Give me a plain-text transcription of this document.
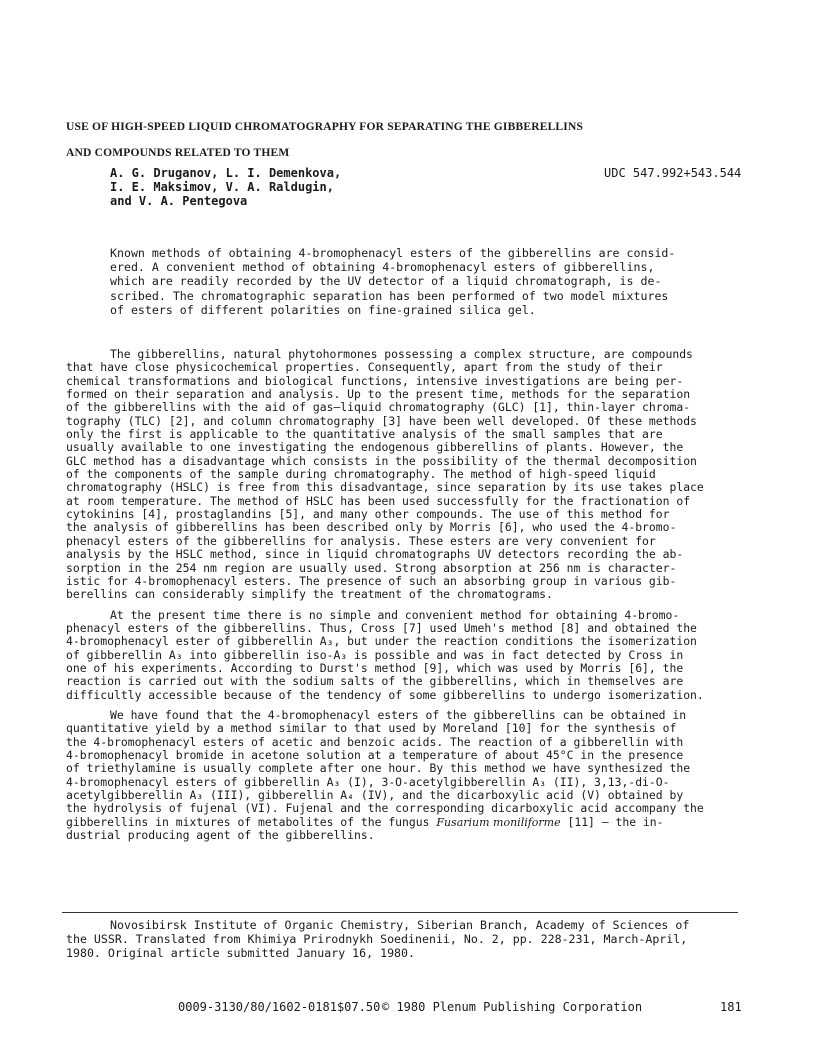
USE OF HIGH-SPEED LIQUID CHROMATOGRAPHY FOR SEPARATING THE GIBBERELLINS
AND COMPOUNDS RELATED TO THEM
A. G. Druganov, L. I. Demenkova,
I. E. Maksimov, V. A. Raldugin,
and V. A. Pentegova
UDC 547.992+543.544
Known methods of obtaining 4-bromophenacyl esters of the gibberellins are consid-
ered. A convenient method of obtaining 4-bromophenacyl esters of gibberellins,
which are readily recorded by the UV detector of a liquid chromatograph, is de-
scribed. The chromatographic separation has been performed of two model mixtures
of esters of different polarities on fine-grained silica gel.
The gibberellins, natural phytohormones possessing a complex structure, are compounds
that have close physicochemical properties. Consequently, apart from the study of their
chemical transformations and biological functions, intensive investigations are being per-
formed on their separation and analysis. Up to the present time, methods for the separation
of the gibberellins with the aid of gas—liquid chromatography (GLC) [1], thin-layer chroma-
tography (TLC) [2], and column chromatography [3] have been well developed. Of these methods
only the first is applicable to the quantitative analysis of the small samples that are
usually available to one investigating the endogenous gibberellins of plants. However, the
GLC method has a disadvantage which consists in the possibility of the thermal decomposition
of the components of the sample during chromatography. The method of high-speed liquid
chromatography (HSLC) is free from this disadvantage, since separation by its use takes place
at room temperature. The method of HSLC has been used successfully for the fractionation of
cytokinins [4], prostaglandins [5], and many other compounds. The use of this method for
the analysis of gibberellins has been described only by Morris [6], who used the 4-bromo-
phenacyl esters of the gibberellins for analysis. These esters are very convenient for
analysis by the HSLC method, since in liquid chromatographs UV detectors recording the ab-
sorption in the 254 nm region are usually used. Strong absorption at 256 nm is character-
istic for 4-bromophenacyl esters. The presence of such an absorbing group in various gib-
berellins can considerably simplify the treatment of the chromatograms.
At the present time there is no simple and convenient method for obtaining 4-bromo-
phenacyl esters of the gibberellins. Thus, Cross [7] used Umeh's method [8] and obtained the
4-bromophenacyl ester of gibberellin A₃, but under the reaction conditions the isomerization
of gibberellin A₃ into gibberellin iso-A₃ is possible and was in fact detected by Cross in
one of his experiments. According to Durst's method [9], which was used by Morris [6], the
reaction is carried out with the sodium salts of the gibberellins, which in themselves are
difficultly accessible because of the tendency of some gibberellins to undergo isomerization.
We have found that the 4-bromophenacyl esters of the gibberellins can be obtained in
quantitative yield by a method similar to that used by Moreland [10] for the synthesis of
the 4-bromophenacyl esters of acetic and benzoic acids. The reaction of a gibberellin with
4-bromophenacyl bromide in acetone solution at a temperature of about 45°C in the presence
of triethylamine is usually complete after one hour. By this method we have synthesized the
4-bromophenacyl esters of gibberellin A₃ (I), 3-O-acetylgibberellin A₃ (II), 3,13,-di-O-
acetylgibberellin A₃ (III), gibberellin A₄ (IV), and the dicarboxylic acid (V) obtained by
the hydrolysis of fujenal (VI). Fujenal and the corresponding dicarboxylic acid accompany the
gibberellins in mixtures of metabolites of the fungus Fusarium moniliforme [11] — the in-
dustrial producing agent of the gibberellins.
Novosibirsk Institute of Organic Chemistry, Siberian Branch, Academy of Sciences of
the USSR. Translated from Khimiya Prirodnykh Soedinenii, No. 2, pp. 228-231, March-April,
1980. Original article submitted January 16, 1980.
0009-3130/80/1602-0181$07.50 © 1980 Plenum Publishing Corporation	181
